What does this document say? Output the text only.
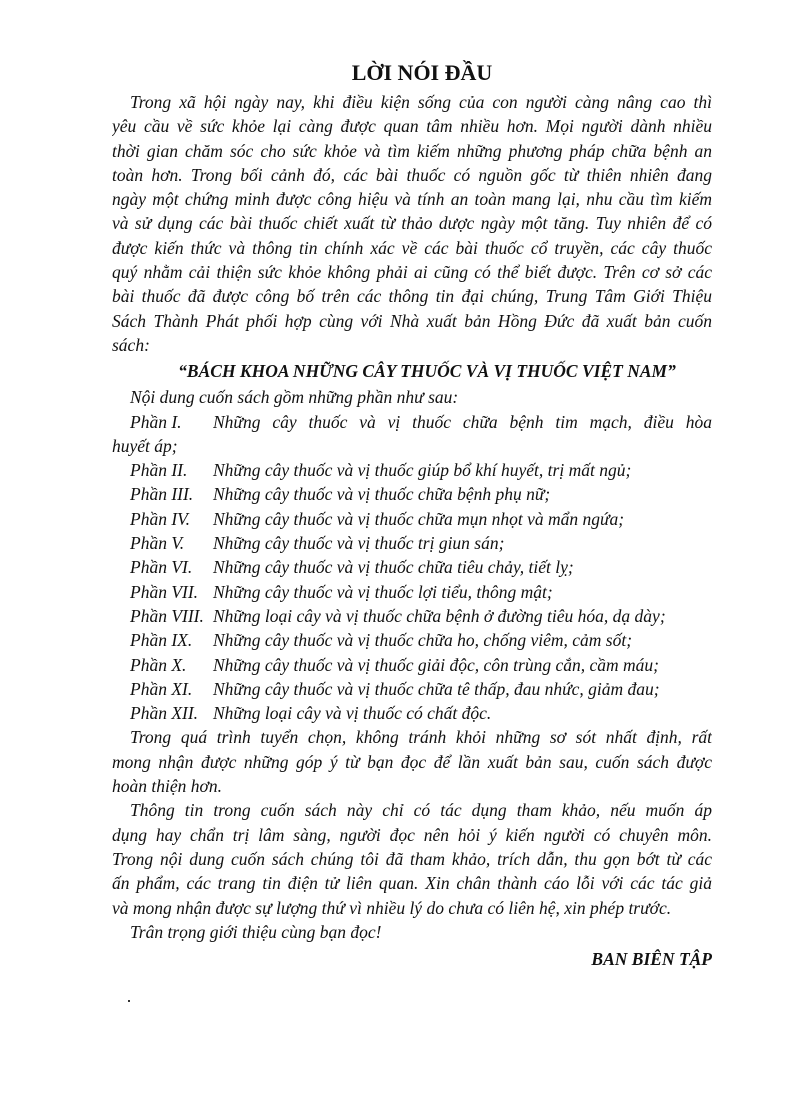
LỜI NÓI ĐẦU
Trong xã hội ngày nay, khi điều kiện sống của con người càng nâng cao thì
yêu cầu về sức khỏe lại càng được quan tâm nhiều hơn. Mọi người dành nhiều
thời gian chăm sóc cho sức khỏe và tìm kiếm những phương pháp chữa bệnh an
toàn hơn. Trong bối cảnh đó, các bài thuốc có nguồn gốc từ thiên nhiên đang
ngày một chứng minh được công hiệu và tính an toàn mang lại, nhu cầu tìm kiếm
và sử dụng các bài thuốc chiết xuất từ thảo dược ngày một tăng. Tuy nhiên để có
được kiến thức và thông tin chính xác về các bài thuốc cổ truyền, các cây thuốc
quý nhằm cải thiện sức khỏe không phải ai cũng có thể biết được. Trên cơ sở các
bài thuốc đã được công bố trên các thông tin đại chúng, Trung Tâm Giới Thiệu
Sách Thành Phát phối hợp cùng với Nhà xuất bản Hồng Đức đã xuất bản cuốn
sách:
“BÁCH KHOA NHỮNG CÂY THUỐC VÀ VỊ THUỐC VIỆT NAM”
Nội dung cuốn sách gồm những phần như sau:
Phần I.	Những cây thuốc và vị thuốc chữa bệnh tim mạch, điều hòa
huyết áp;
Phần II.	Những cây thuốc và vị thuốc giúp bổ khí huyết, trị mất ngủ;
Phần III.	Những cây thuốc và vị thuốc chữa bệnh phụ nữ;
Phần IV.	Những cây thuốc và vị thuốc chữa mụn nhọt và mẩn ngứa;
Phần V.	Những cây thuốc và vị thuốc trị giun sán;
Phần VI.	Những cây thuốc và vị thuốc chữa tiêu chảy, tiết lỵ;
Phần VII. Những cây thuốc và vị thuốc lợi tiểu, thông mật;
Phần VIII. Những loại cây và vị thuốc chữa bệnh ở đường tiêu hóa, dạ dày;
Phần IX.	Những cây thuốc và vị thuốc chữa ho, chống viêm, cảm sốt;
Phần X.	Những cây thuốc và vị thuốc giải độc, côn trùng cắn, cầm máu;
Phần XI.	Những cây thuốc và vị thuốc chữa tê thấp, đau nhức, giảm đau;
Phần XII. Những loại cây và vị thuốc có chất độc.
Trong quá trình tuyển chọn, không tránh khỏi những sơ sót nhất định, rất
mong nhận được những góp ý từ bạn đọc để lần xuất bản sau, cuốn sách được
hoàn thiện hơn.
Thông tin trong cuốn sách này chỉ có tác dụng tham khảo, nếu muốn áp
dụng hay chẩn trị lâm sàng, người đọc nên hỏi ý kiến người có chuyên môn.
Trong nội dung cuốn sách chúng tôi đã tham khảo, trích dẫn, thu gọn bớt từ các
ấn phẩm, các trang tin điện tử liên quan. Xin chân thành cáo lỗi với các tác giả
và mong nhận được sự lượng thứ vì nhiều lý do chưa có liên hệ, xin phép trước.
Trân trọng giới thiệu cùng bạn đọc!
BAN BIÊN TẬP
